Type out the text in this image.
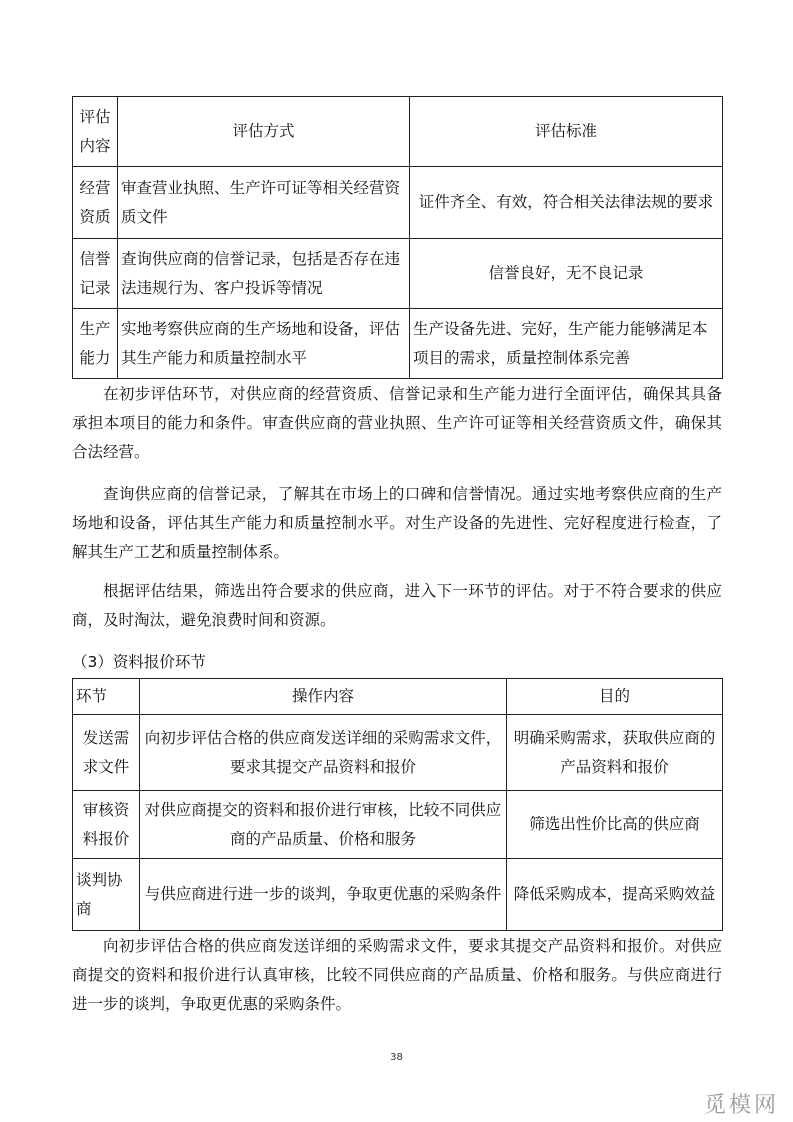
评估内容	评估方式	评估标准
经营资质	审查营业执照、生产许可证等相关经营资质文件	证件齐全、有效，符合相关法律法规的要求
信誉记录	查询供应商的信誉记录，包括是否存在违法违规行为、客户投诉等情况	信誉良好，无不良记录
生产能力	实地考察供应商的生产场地和设备，评估其生产能力和质量控制水平	生产设备先进、完好，生产能力能够满足本项目的需求，质量控制体系完善

在初步评估环节，对供应商的经营资质、信誉记录和生产能力进行全面评估，确保其具备承担本项目的能力和条件。审查供应商的营业执照、生产许可证等相关经营资质文件，确保其合法经营。

查询供应商的信誉记录，了解其在市场上的口碑和信誉情况。通过实地考察供应商的生产场地和设备，评估其生产能力和质量控制水平。对生产设备的先进性、完好程度进行检查，了解其生产工艺和质量控制体系。

根据评估结果，筛选出符合要求的供应商，进入下一环节的评估。对于不符合要求的供应商，及时淘汰，避免浪费时间和资源。

（3）资料报价环节

环节	操作内容	目的
发送需求文件	向初步评估合格的供应商发送详细的采购需求文件，要求其提交产品资料和报价	明确采购需求，获取供应商的产品资料和报价
审核资料报价	对供应商提交的资料和报价进行审核，比较不同供应商的产品质量、价格和服务	筛选出性价比高的供应商
谈判协商	与供应商进行进一步的谈判，争取更优惠的采购条件	降低采购成本，提高采购效益

向初步评估合格的供应商发送详细的采购需求文件，要求其提交产品资料和报价。对供应商提交的资料和报价进行认真审核，比较不同供应商的产品质量、价格和服务。与供应商进行进一步的谈判，争取更优惠的采购条件。

38
觅模网
